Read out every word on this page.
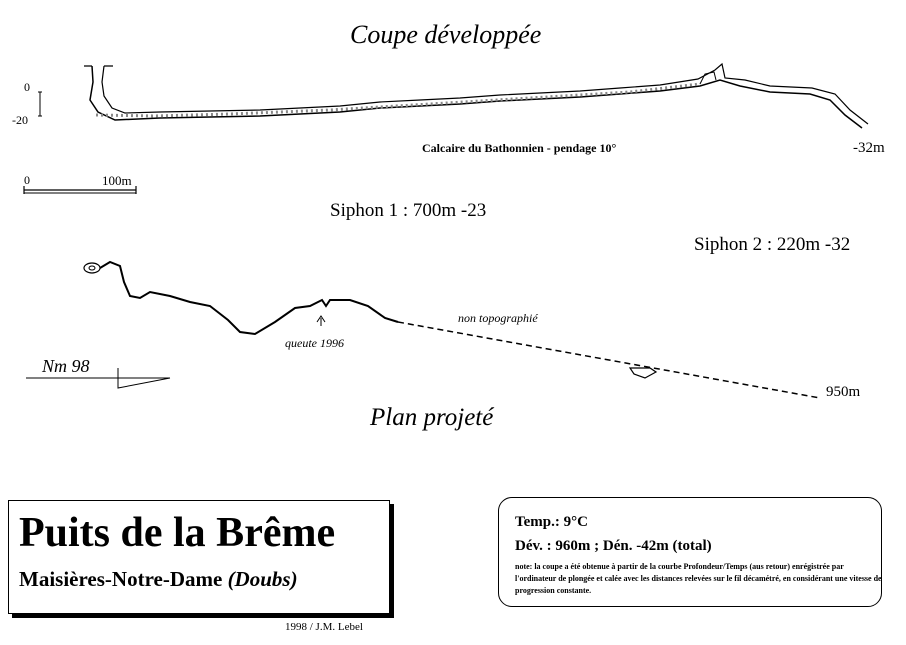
Coupe développée
0
-20
Calcaire du Bathonnien - pendage 10°	-32m
0	100m
Siphon 1 : 700m -23
Siphon 2 : 220m -32
non topographié
queute 1996
950m
Nm 98
Plan projeté
Puits de la Brême
Maisières-Notre-Dame (Doubs)
1998 / J.M. Lebel
Temp.: 9°C
Dév. : 960m ; Dén. -42m (total)
note: la coupe a été obtenue à partir de la courbe Profondeur/Temps (aus retour) enrégistrée par l'ordinateur de plongée et calée avec les distances relevées sur le fil décamétré, en considérant une vitesse de progression constante.
